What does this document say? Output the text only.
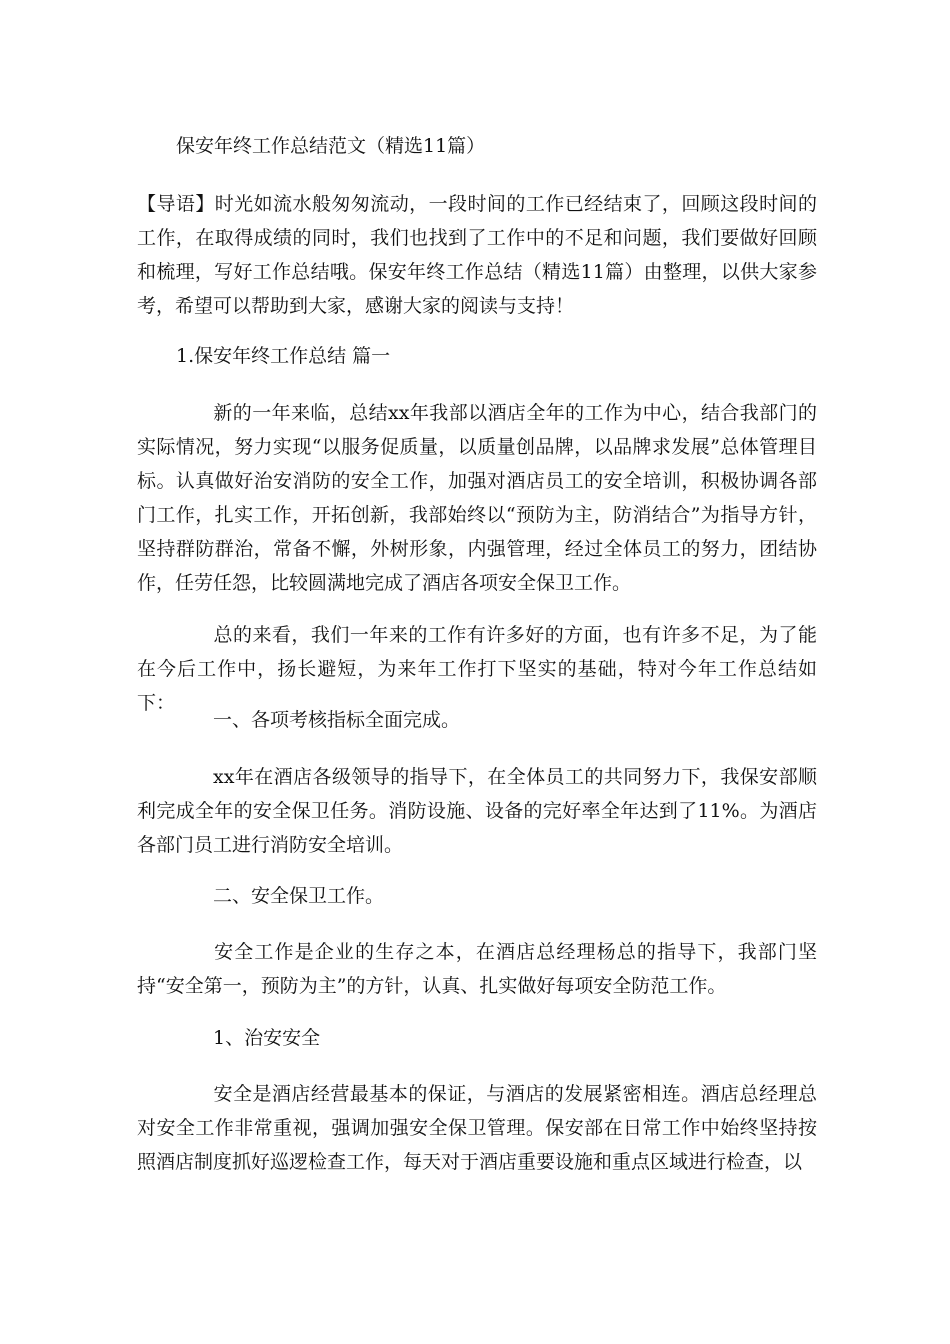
保安年终工作总结范文（精选11篇）

【导语】时光如流水般匆匆流动，一段时间的工作已经结束了，回顾这段时间的工作，在取得成绩的同时，我们也找到了工作中的不足和问题，我们要做好回顾和梳理，写好工作总结哦。保安年终工作总结（精选11篇）由整理，以供大家参考，希望可以帮助到大家，感谢大家的阅读与支持！

1.保安年终工作总结 篇一

新的一年来临，总结xx年我部以酒店全年的工作为中心，结合我部门的实际情况，努力实现“以服务促质量，以质量创品牌，以品牌求发展”总体管理目标。认真做好治安消防的安全工作，加强对酒店员工的安全培训，积极协调各部门工作，扎实工作，开拓创新，我部始终以“预防为主，防消结合”为指导方针，坚持群防群治，常备不懈，外树形象，内强管理，经过全体员工的努力，团结协作，任劳任怨，比较圆满地完成了酒店各项安全保卫工作。

总的来看，我们一年来的工作有许多好的方面，也有许多不足，为了能在今后工作中，扬长避短，为来年工作打下坚实的基础，特对今年工作总结如下：

一、各项考核指标全面完成。

xx年在酒店各级领导的指导下，在全体员工的共同努力下，我保安部顺利完成全年的安全保卫任务。消防设施、设备的完好率全年达到了11%。为酒店各部门员工进行消防安全培训。

二、安全保卫工作。

安全工作是企业的生存之本，在酒店总经理杨总的指导下，我部门坚持“安全第一，预防为主”的方针，认真、扎实做好每项安全防范工作。

1、治安安全

安全是酒店经营最基本的保证，与酒店的发展紧密相连。酒店总经理总对安全工作非常重视，强调加强安全保卫管理。保安部在日常工作中始终坚持按照酒店制度抓好巡逻检查工作，每天对于酒店重要设施和重点区域进行检查，以
